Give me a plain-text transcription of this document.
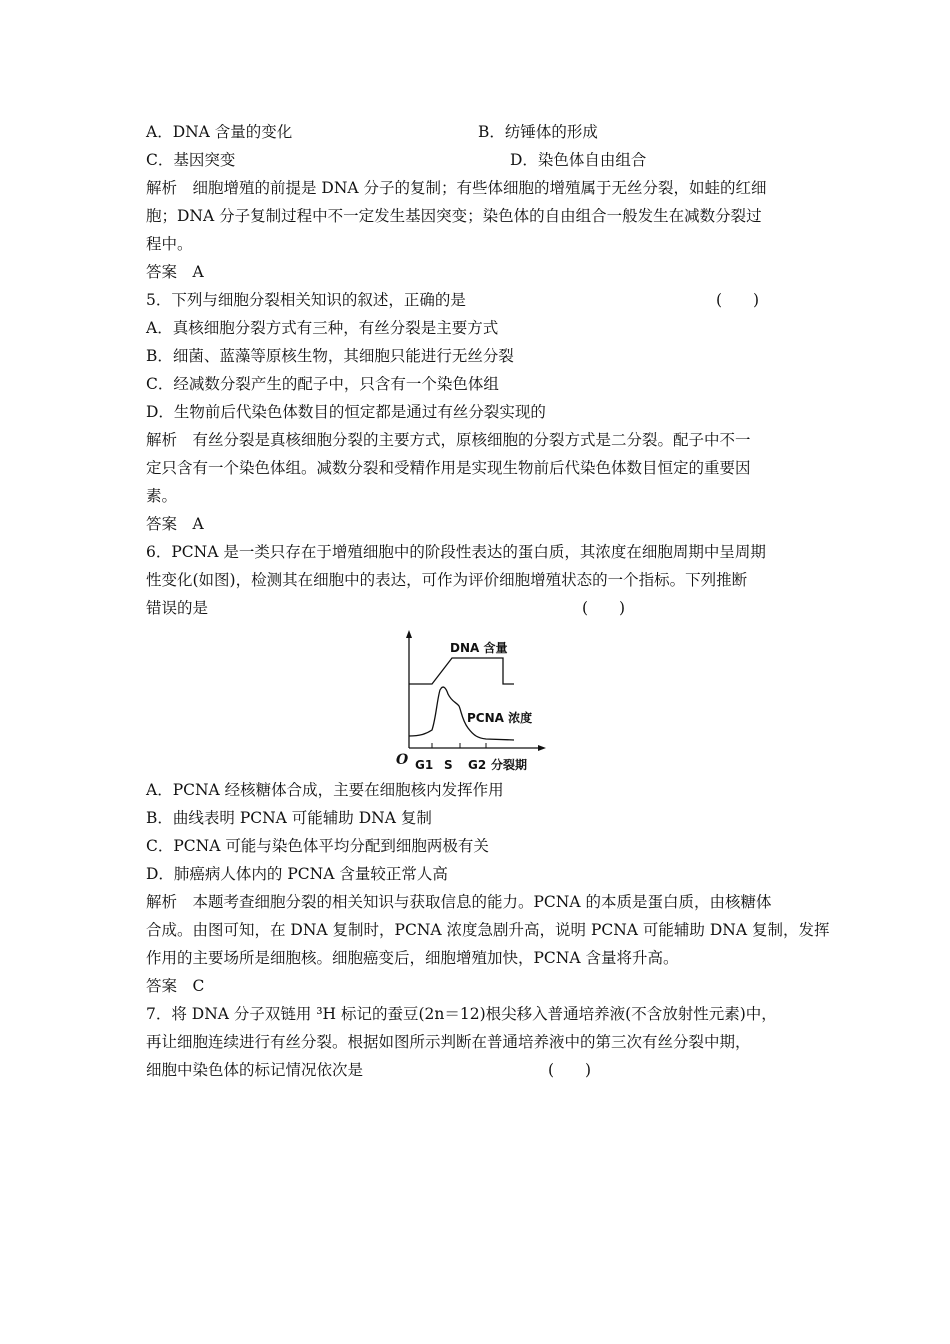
A．DNA 含量的变化	B．纺锤体的形成

C．基因突变	D．染色体自由组合

解析　细胞增殖的前提是 DNA 分子的复制；有些体细胞的增殖属于无丝分裂，如蛙的红细

胞；DNA 分子复制过程中不一定发生基因突变；染色体的自由组合一般发生在减数分裂过

程中。

答案　A

5．下列与细胞分裂相关知识的叙述，正确的是	(　　)

A．真核细胞分裂方式有三种，有丝分裂是主要方式

B．细菌、蓝藻等原核生物，其细胞只能进行无丝分裂

C．经减数分裂产生的配子中，只含有一个染色体组

D．生物前后代染色体数目的恒定都是通过有丝分裂实现的

解析　有丝分裂是真核细胞分裂的主要方式，原核细胞的分裂方式是二分裂。配子中不一

定只含有一个染色体组。减数分裂和受精作用是实现生物前后代染色体数目恒定的重要因

素。

答案　A

6．PCNA 是一类只存在于增殖细胞中的阶段性表达的蛋白质，其浓度在细胞周期中呈周期

性变化(如图)，检测其在细胞中的表达，可作为评价细胞增殖状态的一个指标。下列推断

错误的是	(　　)
DNA 含量
PCNA 浓度
O G1 S G2 分裂期

A．PCNA 经核糖体合成，主要在细胞核内发挥作用

B．曲线表明 PCNA 可能辅助 DNA 复制

C．PCNA 可能与染色体平均分配到细胞两极有关

D．肺癌病人体内的 PCNA 含量较正常人高

解析　本题考查细胞分裂的相关知识与获取信息的能力。PCNA 的本质是蛋白质，由核糖体

合成。由图可知，在 DNA 复制时，PCNA 浓度急剧升高，说明 PCNA 可能辅助 DNA 复制，发挥

作用的主要场所是细胞核。细胞癌变后，细胞增殖加快，PCNA 含量将升高。

答案　C

7．将 DNA 分子双链用 ³H 标记的蚕豆(2n＝12)根尖移入普通培养液(不含放射性元素)中，

再让细胞连续进行有丝分裂。根据如图所示判断在普通培养液中的第三次有丝分裂中期，

细胞中染色体的标记情况依次是	(　　)
